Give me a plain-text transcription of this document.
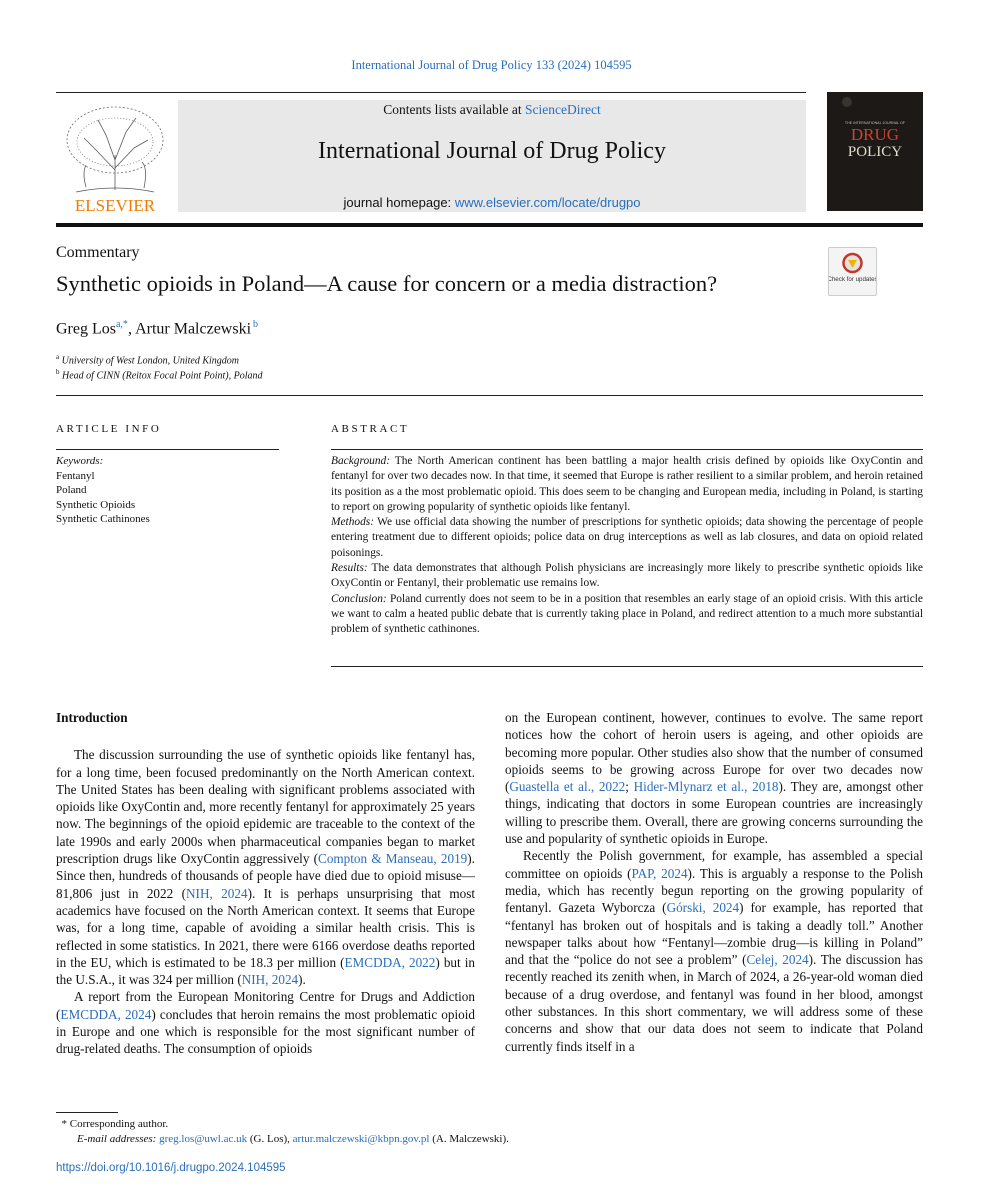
International Journal of Drug Policy 133 (2024) 104595
ELSEVIER
Contents lists available at ScienceDirect
International Journal of Drug Policy
journal homepage: www.elsevier.com/locate/drugpo
THE INTERNATIONAL JOURNAL OF
DRUG
POLICY
Commentary
Synthetic opioids in Poland—A cause for concern or a media distraction?	Check for updates
Greg Los$^{a,*}$, Artur Malczewski $^b$
$^a$ University of West London, United Kingdom
$^b$ Head of CINN (Reitox Focal Point Point), Poland
ARTICLE INFO
Keywords:
Fentanyl
Poland
Synthetic Opioids
Synthetic Cathinones
ABSTRACT

Background: The North American continent has been battling a major health crisis defined by opioids like OxyContin and fentanyl for over two decades now. In that time, it seemed that Europe is rather resilient to a similar problem, and heroin retained its position as a the most problematic opioid. This does seem to be changing and European media, including in Poland, is starting to report on growing popularity of synthetic opioids like fentanyl.

Methods: We use official data showing the number of prescriptions for synthetic opioids; data showing the percentage of people entering treatment due to different opioids; police data on drug interceptions as well as lab closures, and data on opioid related poisonings.

Results: The data demonstrates that although Polish physicians are increasingly more likely to prescribe synthetic opioids like OxyContin or Fentanyl, their problematic use remains low.

Conclusion: Poland currently does not seem to be in a position that resembles an early stage of an opioid crisis. With this article we want to calm a heated public debate that is currently taking place in Poland, and redirect attention to a much more substantial problem of synthetic cathinones.

Introduction

The discussion surrounding the use of synthetic opioids like fentanyl has, for a long time, been focused predominantly on the North American context. The United States has been dealing with significant problems associated with opioids like OxyContin and, more recently fentanyl for approximately 25 years now. The beginnings of the opioid epidemic are traceable to the context of the late 1990s and early 2000s when pharmaceutical companies began to market prescription drugs like OxyContin aggressively (Compton & Manseau, 2019). Since then, hundreds of thousands of people have died due to opioid misuse—81,806 just in 2022 (NIH, 2024). It is perhaps unsurprising that most academics have focused on the North American context. It seems that Europe was, for a long time, capable of avoiding a similar health crisis. This is reflected in some statistics. In 2021, there were 6166 overdose deaths reported in the EU, which is estimated to be 18.3 per million (EMCDDA, 2022) but in the U.S.A., it was 324 per million (NIH, 2024).

A report from the European Monitoring Centre for Drugs and Addiction (EMCDDA, 2024) concludes that heroin remains the most problematic opioid in Europe and one which is responsible for the most significant number of drug-related deaths. The consumption of opioids

on the European continent, however, continues to evolve. The same report notices how the cohort of heroin users is ageing, and other opioids are becoming more popular. Other studies also show that the number of consumed opioids seems to be growing across Europe for over two decades now (Guastella et al., 2022; Hider-Mlynarz et al., 2018). They are, amongst other things, indicating that doctors in some European countries are increasingly willing to prescribe them. Overall, there are growing concerns surrounding the use and popularity of synthetic opioids in Europe.

Recently the Polish government, for example, has assembled a special committee on opioids (PAP, 2024). This is arguably a response to the Polish media, which has recently begun reporting on the growing popularity of fentanyl. Gazeta Wyborcza (Górski, 2024) for example, has reported that “fentanyl has broken out of hospitals and is taking a deadly toll.” Another newspaper talks about how “Fentanyl—zombie drug—is killing in Poland” and that the “police do not see a problem” (Celej, 2024). The discussion has recently reached its zenith when, in March of 2024, a 26-year-old woman died because of a drug overdose, and fentanyl was found in her blood, amongst other substances. In this short commentary, we will address some of these concerns and show that our data does not seem to indicate that Poland currently finds itself in a

* Corresponding author.
E-mail addresses: greg.los@uwl.ac.uk (G. Los), artur.malczewski@kbpn.gov.pl (A. Malczewski).
https://doi.org/10.1016/j.drugpo.2024.104595
